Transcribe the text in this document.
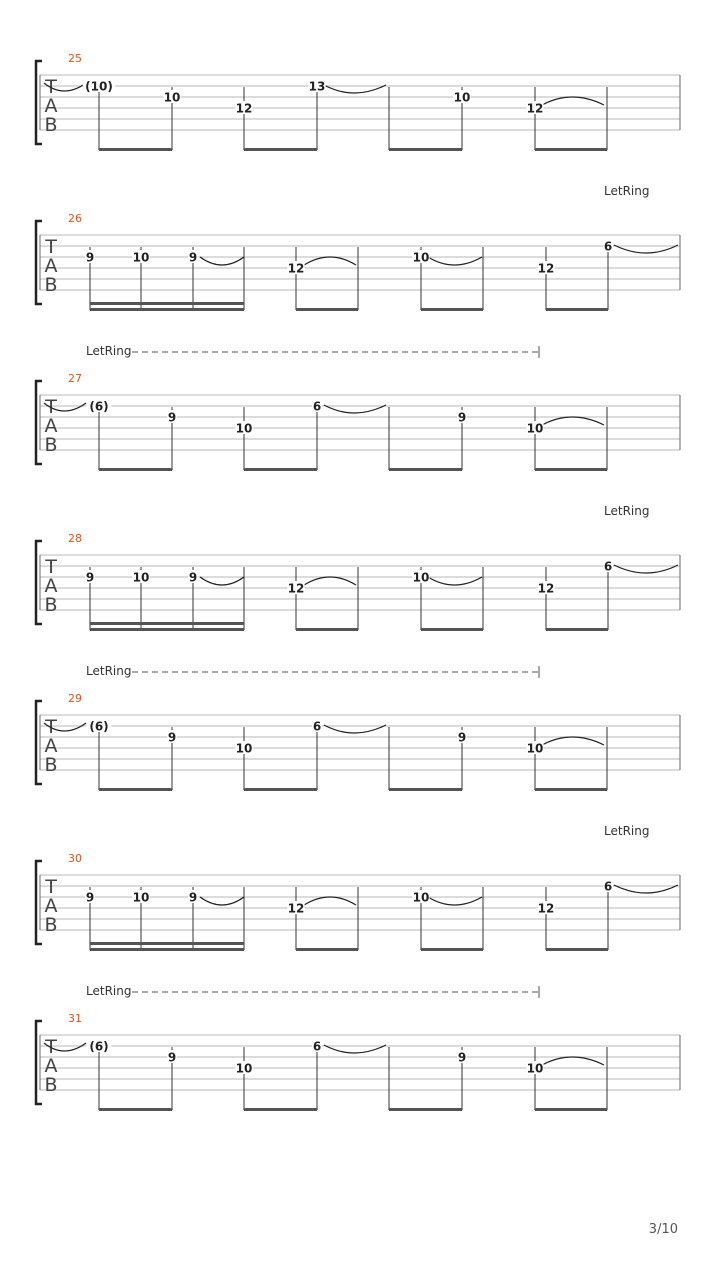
25
T
A
B
(10)
10
12
13
10
12
26
T
A
B
9	10	9
12
10
12
6
LetRing
LetRing
27
T
A
B
(6)
9
10
6
9
10
28
T
A
B
9	10	9
12
10
12
6
LetRing
LetRing
29
T
A
B
(6)
9
10
6
9
10
30
T
A
B
9	10	9
12
10
12
6
LetRing
LetRing
31
T
A
B
(6)
9
10
6
9
10
3/10
